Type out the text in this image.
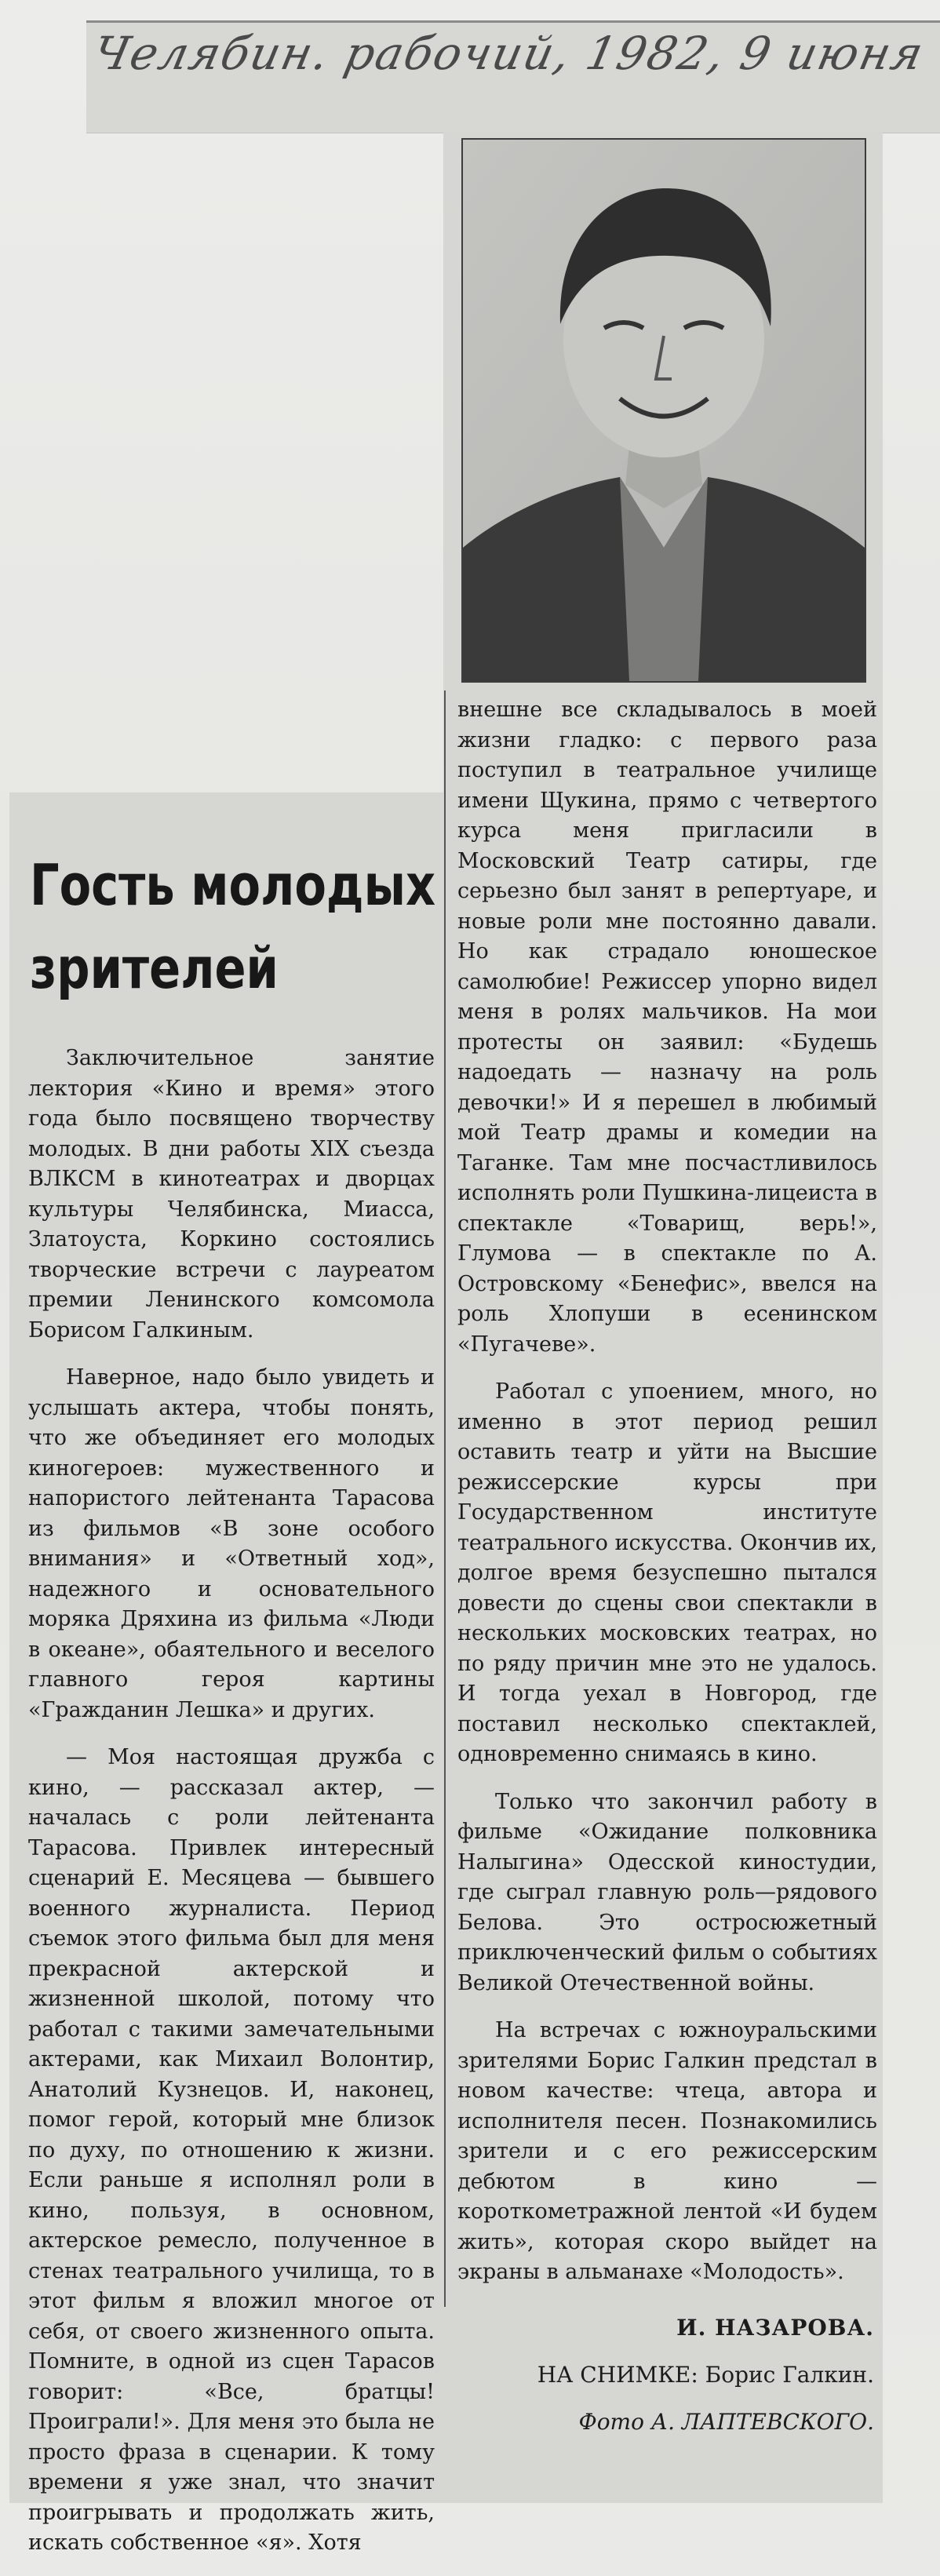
Челябин. рабочий, 1982, 9 июня

Гость молодых
зрителей

Заключительное занятие лектория «Кино и время» этого года было посвящено творчеству молодых. В дни работы XIX съезда ВЛКСМ в кинотеатрах и дворцах культуры Челябинска, Миасса, Златоуста, Коркино состоялись творческие встречи с лауреатом премии Ленинского комсомола Борисом Галкиным.

Наверное, надо было увидеть и услышать актера, чтобы понять, что же объединяет его молодых киногероев: мужественного и напористого лейтенанта Тарасова из фильмов «В зоне особого внимания» и «Ответный ход», надежного и основательного моряка Дряхина из фильма «Люди в океане», обаятельного и веселого главного героя картины «Гражданин Лешка» и других.

— Моя настоящая дружба с кино, — рассказал актер, — началась с роли лейтенанта Тарасова. Привлек интересный сценарий Е. Месяцева — бывшего военного журналиста. Период съемок этого фильма был для меня прекрасной актерской и жизненной школой, потому что работал с такими замечательными актерами, как Михаил Волонтир, Анатолий Кузнецов. И, наконец, помог герой, который мне близок по духу, по отношению к жизни. Если раньше я исполнял роли в кино, пользуя, в основном, актерское ремесло, полученное в стенах театрального училища, то в этот фильм я вложил многое от себя, от своего жизненного опыта. Помните, в одной из сцен Тарасов говорит: «Все, братцы! Проиграли!». Для меня это была не просто фраза в сценарии. К тому времени я уже знал, что значит проигрывать и продолжать жить, искать собственное «я». Хотя

внешне все складывалось в моей жизни гладко: с первого раза поступил в театральное училище имени Щукина, прямо с четвертого курса меня пригласили в Московский Театр сатиры, где серьезно был занят в репертуаре, и новые роли мне постоянно давали. Но как страдало юношеское самолюбие! Режиссер упорно видел меня в ролях мальчиков. На мои протесты он заявил: «Будешь надоедать — назначу на роль девочки!» И я перешел в любимый мой Театр драмы и комедии на Таганке. Там мне посчастливилось исполнять роли Пушкина-лицеиста в спектакле «Товарищ, верь!», Глумова — в спектакле по А. Островскому «Бенефис», ввелся на роль Хлопуши в есенинском «Пугачеве».

Работал с упоением, много, но именно в этот период решил оставить театр и уйти на Высшие режиссерские курсы при Государственном институте театрального искусства. Окончив их, долгое время безуспешно пытался довести до сцены свои спектакли в нескольких московских театрах, но по ряду причин мне это не удалось. И тогда уехал в Новгород, где поставил несколько спектаклей, одновременно снимаясь в кино.

Только что закончил работу в фильме «Ожидание полковника Налыгина» Одесской киностудии, где сыграл главную роль—рядового Белова. Это остросюжетный приключенческий фильм о событиях Великой Отечественной войны.

На встречах с южноуральскими зрителями Борис Галкин предстал в новом качестве: чтеца, автора и исполнителя песен. Познакомились зрители и с его режиссерским дебютом в кино — короткометражной лентой «И будем жить», которая скоро выйдет на экраны в альманахе «Молодость».

И. НАЗАРОВА.

НА СНИМКЕ: Борис Галкин.

Фото А. ЛАПТЕВСКОГО.
